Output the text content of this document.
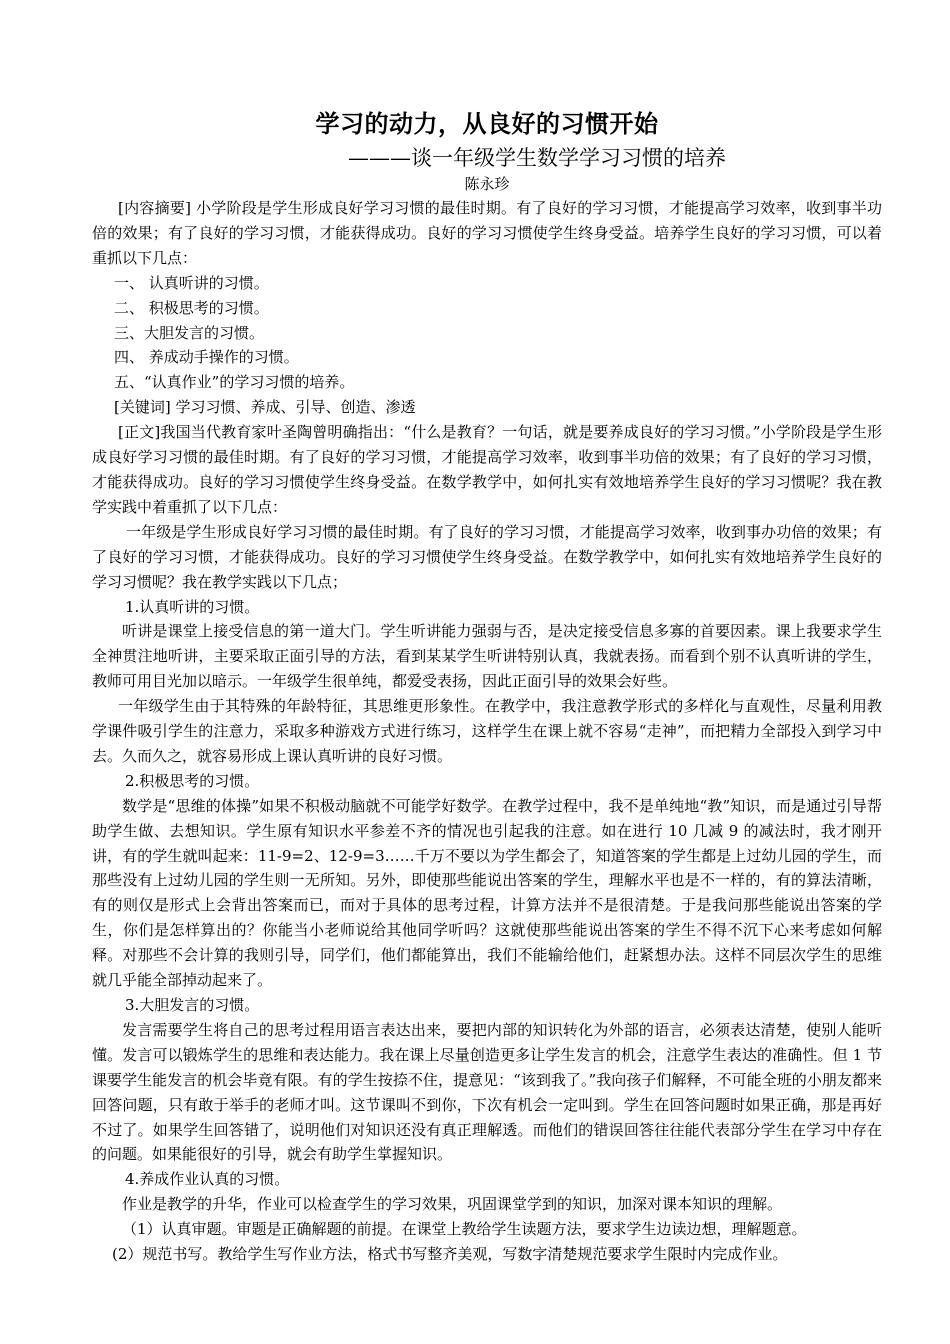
学习的动力，从良好的习惯开始
———谈一年级学生数学学习习惯的培养
陈永珍

[内容摘要] 小学阶段是学生形成良好学习习惯的最佳时期。有了良好的学习习惯，才能提高学习效率，收到事半功倍的效果；有了良好的学习习惯，才能获得成功。良好的学习习惯使学生终身受益。培养学生良好的学习习惯，可以着重抓以下几点：

一、 认真听讲的习惯。

二、 积极思考的习惯。

三、大胆发言的习惯。

四、 养成动手操作的习惯。

五、“认真作业”的学习习惯的培养。

[关键词] 学习习惯、养成、引导、创造、渗透

[正文]我国当代教育家叶圣陶曾明确指出：“什么是教育？一句话，就是要养成良好的学习习惯。”小学阶段是学生形成良好学习习惯的最佳时期。有了良好的学习习惯，才能提高学习效率，收到事半功倍的效果；有了良好的学习习惯，才能获得成功。良好的学习习惯使学生终身受益。在数学教学中，如何扎实有效地培养学生良好的学习习惯呢？我在教学实践中着重抓了以下几点：

一年级是学生形成良好学习习惯的最佳时期。有了良好的学习习惯，才能提高学习效率，收到事办功倍的效果；有了良好的学习习惯，才能获得成功。良好的学习习惯使学生终身受益。在数学教学中，如何扎实有效地培养学生良好的学习习惯呢？我在教学实践以下几点；

1.认真听讲的习惯。

听讲是课堂上接受信息的第一道大门。学生听讲能力强弱与否，是决定接受信息多寡的首要因素。课上我要求学生全神贯注地听讲，主要采取正面引导的方法，看到某某学生听讲特别认真，我就表扬。而看到个别不认真听讲的学生，教师可用目光加以暗示。一年级学生很单纯，都爱受表扬，因此正面引导的效果会好些。

一年级学生由于其特殊的年龄特征，其思维更形象性。在教学中，我注意教学形式的多样化与直观性，尽量利用教学课件吸引学生的注意力，采取多种游戏方式进行练习，这样学生在课上就不容易“走神”，而把精力全部投入到学习中去。久而久之，就容易形成上课认真听讲的良好习惯。

2.积极思考的习惯。

数学是“思维的体操”如果不积极动脑就不可能学好数学。在教学过程中，我不是单纯地“教”知识，而是通过引导帮助学生做、去想知识。学生原有知识水平参差不齐的情况也引起我的注意。如在进行 10 几减 9 的减法时，我才刚开讲，有的学生就叫起来：11-9=2、12-9=3……千万不要以为学生都会了，知道答案的学生都是上过幼儿园的学生，而那些没有上过幼儿园的学生则一无所知。另外，即使那些能说出答案的学生，理解水平也是不一样的，有的算法清晰，有的则仅是形式上会背出答案而已，而对于具体的思考过程，计算方法并不是很清楚。于是我问那些能说出答案的学生，你们是怎样算出的？你能当小老师说给其他同学听吗？这就使那些能说出答案的学生不得不沉下心来考虑如何解释。对那些不会计算的我则引导，同学们，他们都能算出，我们不能输给他们，赶紧想办法。这样不同层次学生的思维就几乎能全部掉动起来了。

3.大胆发言的习惯。

发言需要学生将自己的思考过程用语言表达出来，要把内部的知识转化为外部的语言，必须表达清楚，使别人能听懂。发言可以锻炼学生的思维和表达能力。我在课上尽量创造更多让学生发言的机会，注意学生表达的准确性。但 1 节课要学生能发言的机会毕竟有限。有的学生按捺不住，提意见：“该到我了。”我向孩子们解释，不可能全班的小朋友都来回答问题，只有敢于举手的老师才叫。这节课叫不到你，下次有机会一定叫到。学生在回答问题时如果正确，那是再好不过了。如果学生回答错了，说明他们对知识还没有真正理解透。而他们的错误回答往往能代表部分学生在学习中存在的问题。如果能很好的引导，就会有助学生掌握知识。

4.养成作业认真的习惯。

作业是教学的升华，作业可以检查学生的学习效果，巩固课堂学到的知识，加深对课本知识的理解。

（1）认真审题。审题是正确解题的前提。在课堂上教给学生读题方法，要求学生边读边想，理解题意。

(2）规范书写。教给学生写作业方法，格式书写整齐美观，写数字清楚规范要求学生限时内完成作业。
